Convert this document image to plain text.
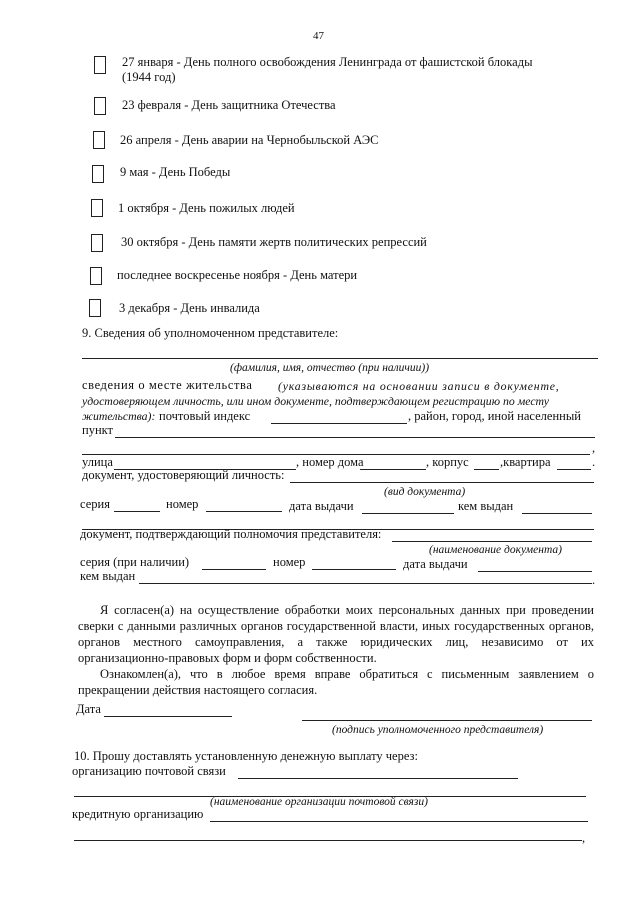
47
27 января - День полного освобождения Ленинграда от фашистской блокады
(1944 год)
23 февраля - День защитника Отечества
26 апреля - День аварии на Чернобыльской АЭС
9 мая - День Победы
1 октября - День пожилых людей
30 октября - День памяти жертв политических репрессий
последнее воскресенье ноября - День матери
3 декабря - День инвалида
9. Сведения об уполномоченном представителе:
(фамилия, имя, отчество (при наличии))
сведения о месте жительства (указываются на основании записи в документе,
удостоверяющем личность, или ином документе, подтверждающем регистрацию по месту
жительства): почтовый индекс	, район, город, иной населенный
пункт
,
улица	, номер дома	, корпус	,квартира	.
документ, удостоверяющий личность:
(вид документа)
серия	номер	дата выдачи	кем выдан
документ, подтверждающий полномочия представителя:
(наименование документа)
серия (при наличии)	номер	дата выдачи
кем выдан	.
Я согласен(а) на осуществление обработки моих персональных данных при проведении сверки с данными различных органов государственной власти, иных государственных органов, органов местного самоуправления, а также юридических лиц, независимо от их организационно-правовых форм и форм собственности.
Ознакомлен(а), что в любое время вправе обратиться с письменным заявлением о прекращении действия настоящего согласия.
Дата
(подпись уполномоченного представителя)
10. Прошу доставлять установленную денежную выплату через:
организацию почтовой связи
(наименование организации почтовой связи)
кредитную организацию
,
